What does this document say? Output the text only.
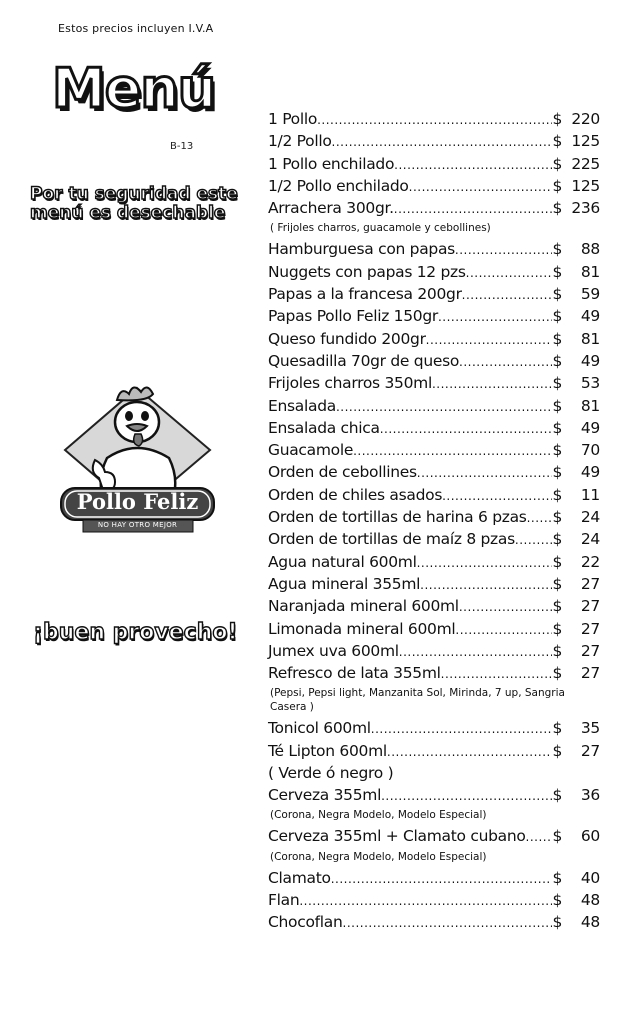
Estos precios incluyen I.V.A
Menú
B-13
Por tu seguridad este menú es desechable
Pollo Feliz
NO HAY OTRO MEJOR
¡buen provecho!
1 Pollo .....	$ 220
1/2 Pollo .....	$ 125
1 Pollo enchilado .....	$ 225
1/2 Pollo enchilado .....	$ 125
Arrachera 300gr. .....	$ 236
( Frijoles charros, guacamole y cebollines)
Hamburguesa con papas .....	$	88
Nuggets con papas 12 pzs .....	$	81
Papas a la francesa 200gr .....	$	59
Papas Pollo Feliz 150gr .....	$	49
Queso fundido 200gr .....	$	81
Quesadilla 70gr de queso .....	$	49
Frijoles charros 350ml .....	$	53
Ensalada .....	$	81
Ensalada chica .....	$	49
Guacamole .....	$	70
Orden de cebollines .....	$	49
Orden de chiles asados .....	$	11
Orden de tortillas de harina 6 pzas ..... $	24
Orden de tortillas de maíz 8 pzas ..... $	24
Agua natural 600ml .....	$	22
Agua mineral 355ml .....	$	27
Naranjada mineral 600ml .....	$	27
Limonada mineral 600ml .....	$	27
Jumex uva 600ml .....	$	27
Refresco de lata 355ml .....	$	27
(Pepsi, Pepsi light, Manzanita Sol, Mirinda, 7 up, Sangria Casera )
Tonicol 600ml .....	$	35
Té Lipton 600ml .....	$	27
( Verde ó negro )
Cerveza 355ml .....	$	36
(Corona, Negra Modelo, Modelo Especial)
Cerveza 355ml + Clamato cubano ..... $	60
(Corona, Negra Modelo, Modelo Especial)
Clamato .....	$	40
Flan .....	$	48
Chocoflan .....	$	48
